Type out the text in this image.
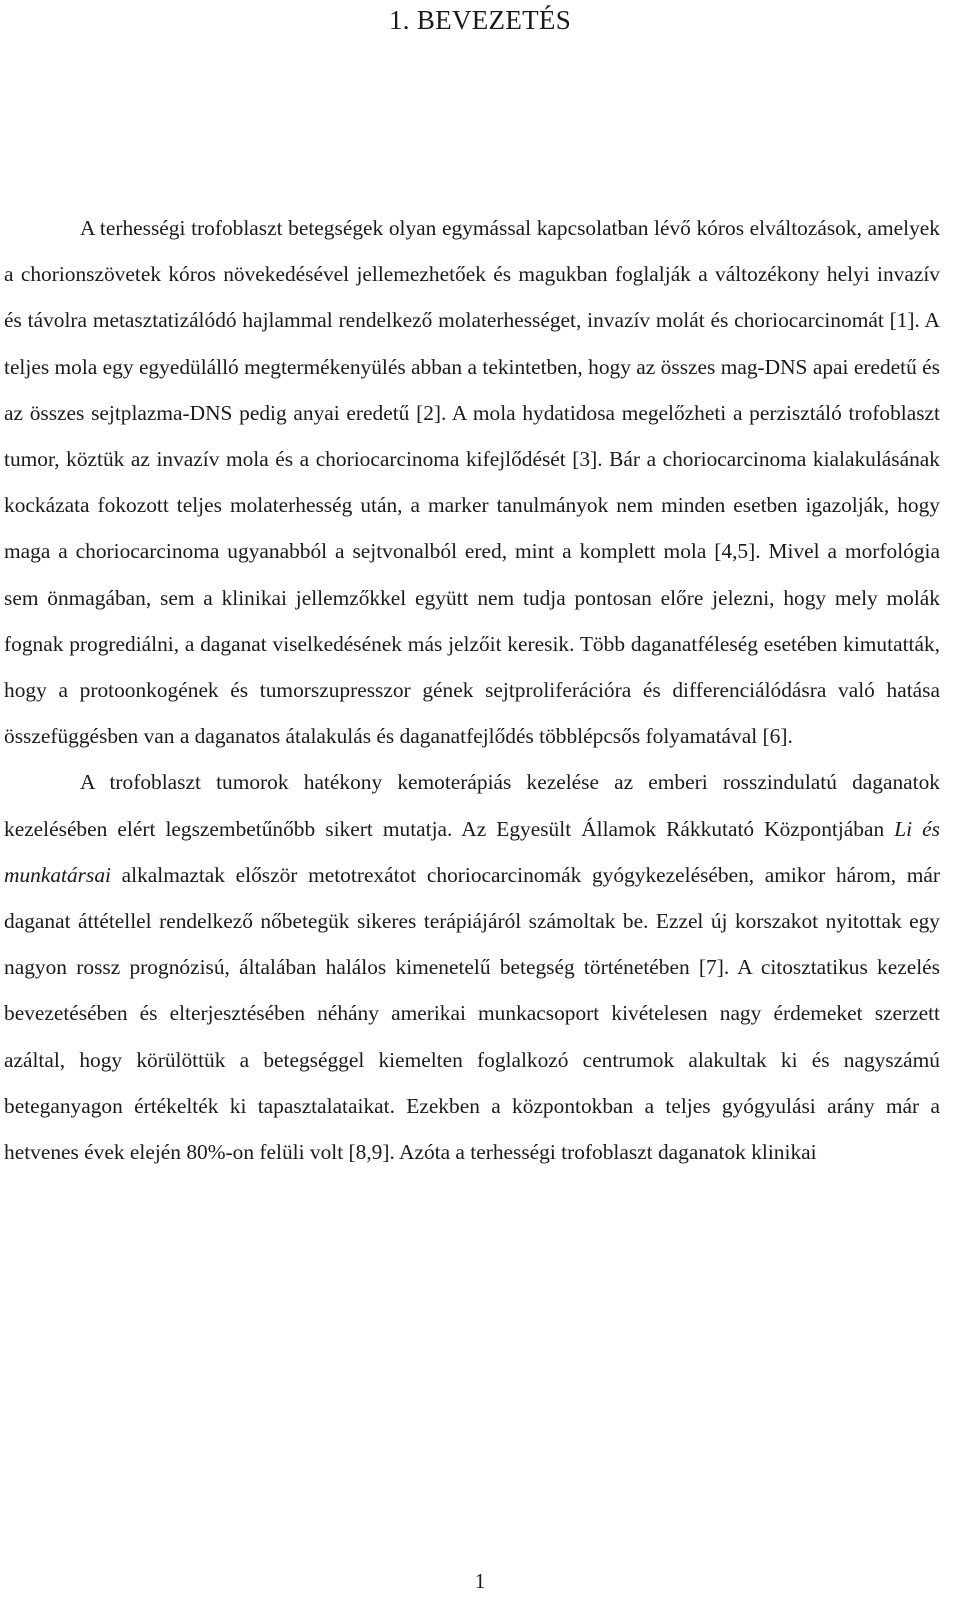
1. BEVEZETÉS

A terhességi trofoblaszt betegségek olyan egymással kapcsolatban lévő kóros elváltozások, amelyek a chorionszövetek kóros növekedésével jellemezhetőek és magukban foglalják a változékony helyi invazív és távolra metasztatizálódó hajlammal rendelkező molaterhességet, invazív molát és choriocarcinomát [1]. A teljes mola egy egyedülálló megtermékenyülés abban a tekintetben, hogy az összes mag-DNS apai eredetű és az összes sejtplazma-DNS pedig anyai eredetű [2]. A mola hydatidosa megelőzheti a perzisztáló trofoblaszt tumor, köztük az invazív mola és a choriocarcinoma kifejlődését [3]. Bár a choriocarcinoma kialakulásának kockázata fokozott teljes molaterhesség után, a marker tanulmányok nem minden esetben igazolják, hogy maga a choriocarcinoma ugyanabból a sejtvonalból ered, mint a komplett mola [4,5]. Mivel a morfológia sem önmagában, sem a klinikai jellemzőkkel együtt nem tudja pontosan előre jelezni, hogy mely molák fognak progrediálni, a daganat viselkedésének más jelzőit keresik. Több daganatféleség esetében kimutatták, hogy a protoonkogének és tumorszupresszor gének sejtproliferációra és differenciálódásra való hatása összefüggésben van a daganatos átalakulás és daganatfejlődés többlépcsős folyamatával [6].

A trofoblaszt tumorok hatékony kemoterápiás kezelése az emberi rosszindulatú daganatok kezelésében elért legszembetűnőbb sikert mutatja. Az Egyesült Államok Rákkutató Központjában Li és munkatársai alkalmaztak először metotrexátot choriocarcinomák gyógykezelésében, amikor három, már daganat áttétellel rendelkező nőbetegük sikeres terápiájáról számoltak be. Ezzel új korszakot nyitottak egy nagyon rossz prognózisú, általában halálos kimenetelű betegség történetében [7]. A citosztatikus kezelés bevezetésében és elterjesztésében néhány amerikai munkacsoport kivételesen nagy érdemeket szerzett azáltal, hogy körülöttük a betegséggel kiemelten foglalkozó centrumok alakultak ki és nagyszámú beteganyagon értékelték ki tapasztalataikat. Ezekben a központokban a teljes gyógyulási arány már a hetvenes évek elején 80%-on felüli volt [8,9]. Azóta a terhességi trofoblaszt daganatok klinikai

1
